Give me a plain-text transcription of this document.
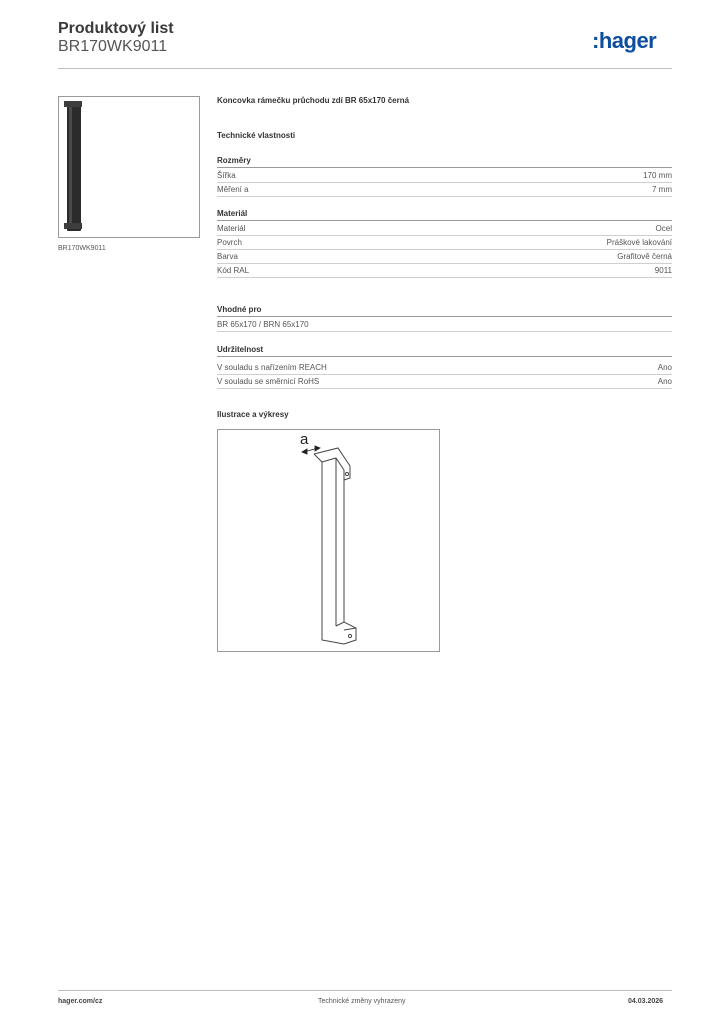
Produktový list
BR170WK9011	:hager
BR170WK9011
Koncovka rámečku průchodu zdí BR 65x170 černá
Technické vlastnosti
Rozměry
Šířka	170 mm
Měření a	7 mm
Materiál
Materiál	Ocel
Povrch	Práškové lakování
Barva	Grafitově černá
Kód RAL	9011
Vhodné pro
BR 65x170 / BRN 65x170
Udržitelnost
V souladu s nařízením REACH	Ano
V souladu se směrnicí RoHS	Ano
Ilustrace a výkresy
a
hager.com/cz	Technické změny vyhrazeny	04.03.2026
